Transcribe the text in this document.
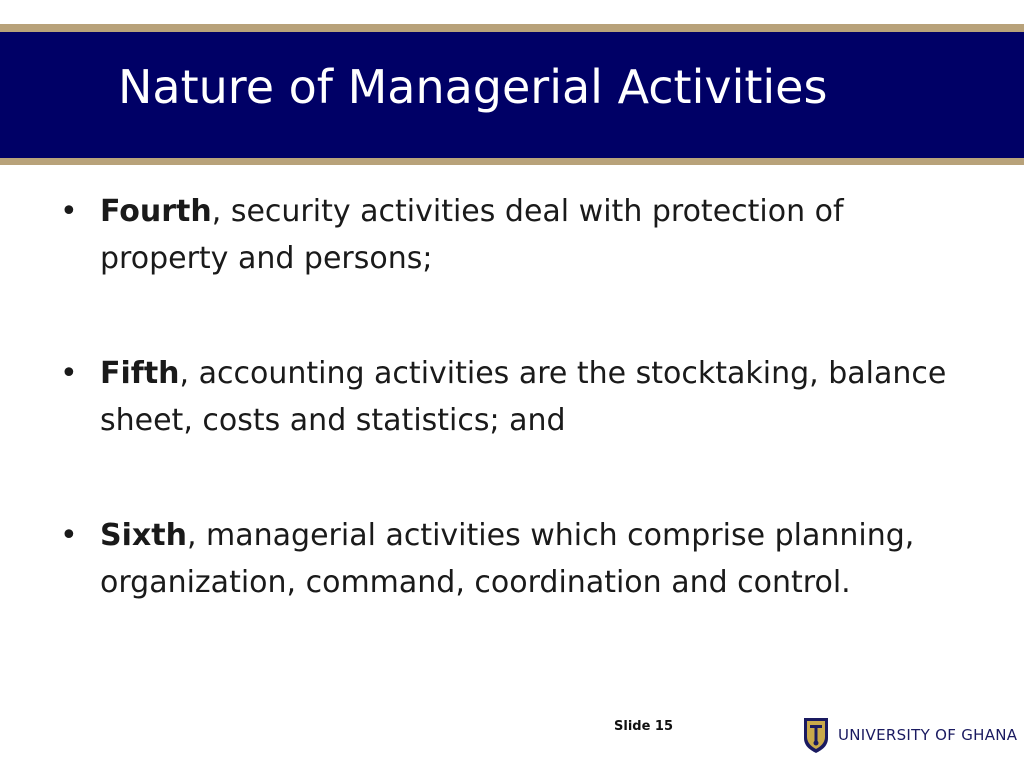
Nature of Managerial Activities
• Fourth, security activities deal with protection of property and persons;
• Fifth, accounting activities are the stocktaking, balance sheet, costs and statistics; and
• Sixth, managerial activities which comprise planning, organization, command, coordination and control.
Slide 15	UNIVERSITY OF GHANA
